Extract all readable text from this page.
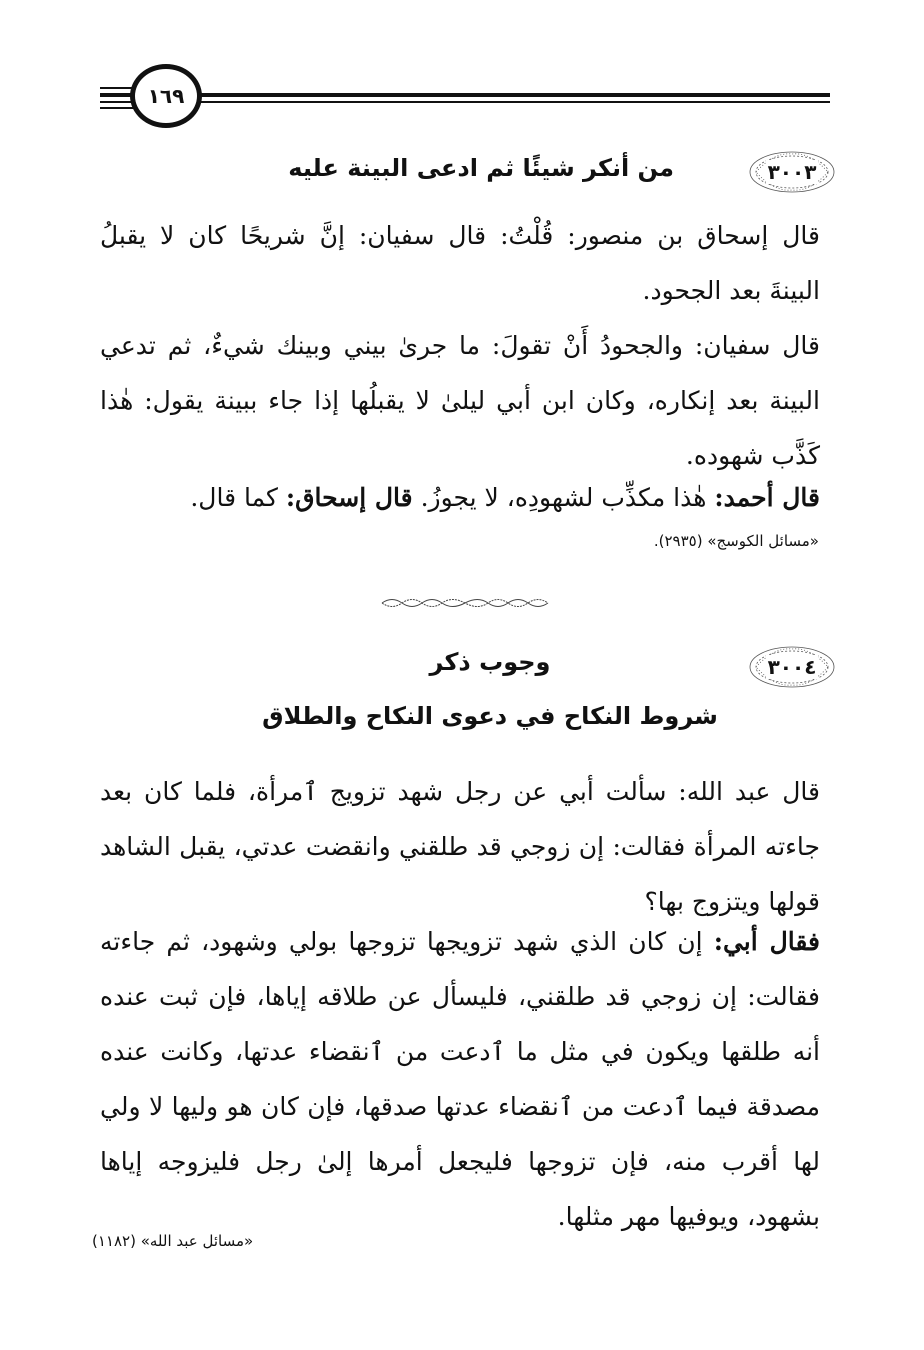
١٦٩
٣٠٠٣
من أنكر شيئًا ثم ادعى البينة عليه
قال إسحاق بن منصور: قُلْتُ: قال سفيان: إنَّ شريحًا كان لا يقبلُ
البينةَ بعد الجحود.
قال سفيان: والجحودُ أَنْ تقولَ: ما جرىٰ بيني وبينك شيءٌ، ثم تدعي
البينة بعد إنكاره، وكان ابن أبي ليلىٰ لا يقبلُها إذا جاء ببينة يقول: هٰذا
كَذَّب شهوده.
قال أحمد: هٰذا مكذِّب لشهودِه، لا يجوزُ. قال إسحاق: كما قال.
«مسائل الكوسج» (٢٩٣٥).
٣٠٠٤
وجوب ذكر
شروط النكاح في دعوى النكاح والطلاق
قال عبد الله: سألت أبي عن رجل شهد تزويج ٱمرأة، فلما كان بعد
جاءته المرأة فقالت: إن زوجي قد طلقني وانقضت عدتي، يقبل الشاهد
قولها ويتزوج بها؟
فقال أبي: إن كان الذي شهد تزويجها تزوجها بولي وشهود، ثم جاءته
فقالت: إن زوجي قد طلقني، فليسأل عن طلاقه إياها، فإن ثبت عنده
أنه طلقها ويكون في مثل ما ٱدعت من ٱنقضاء عدتها، وكانت عنده
مصدقة فيما ٱدعت من ٱنقضاء عدتها صدقها، فإن كان هو وليها لا ولي
لها أقرب منه، فإن تزوجها فليجعل أمرها إلىٰ رجل فليزوجه إياها
بشهود، ويوفيها مهر مثلها.
«مسائل عبد الله» (١١٨٢)
